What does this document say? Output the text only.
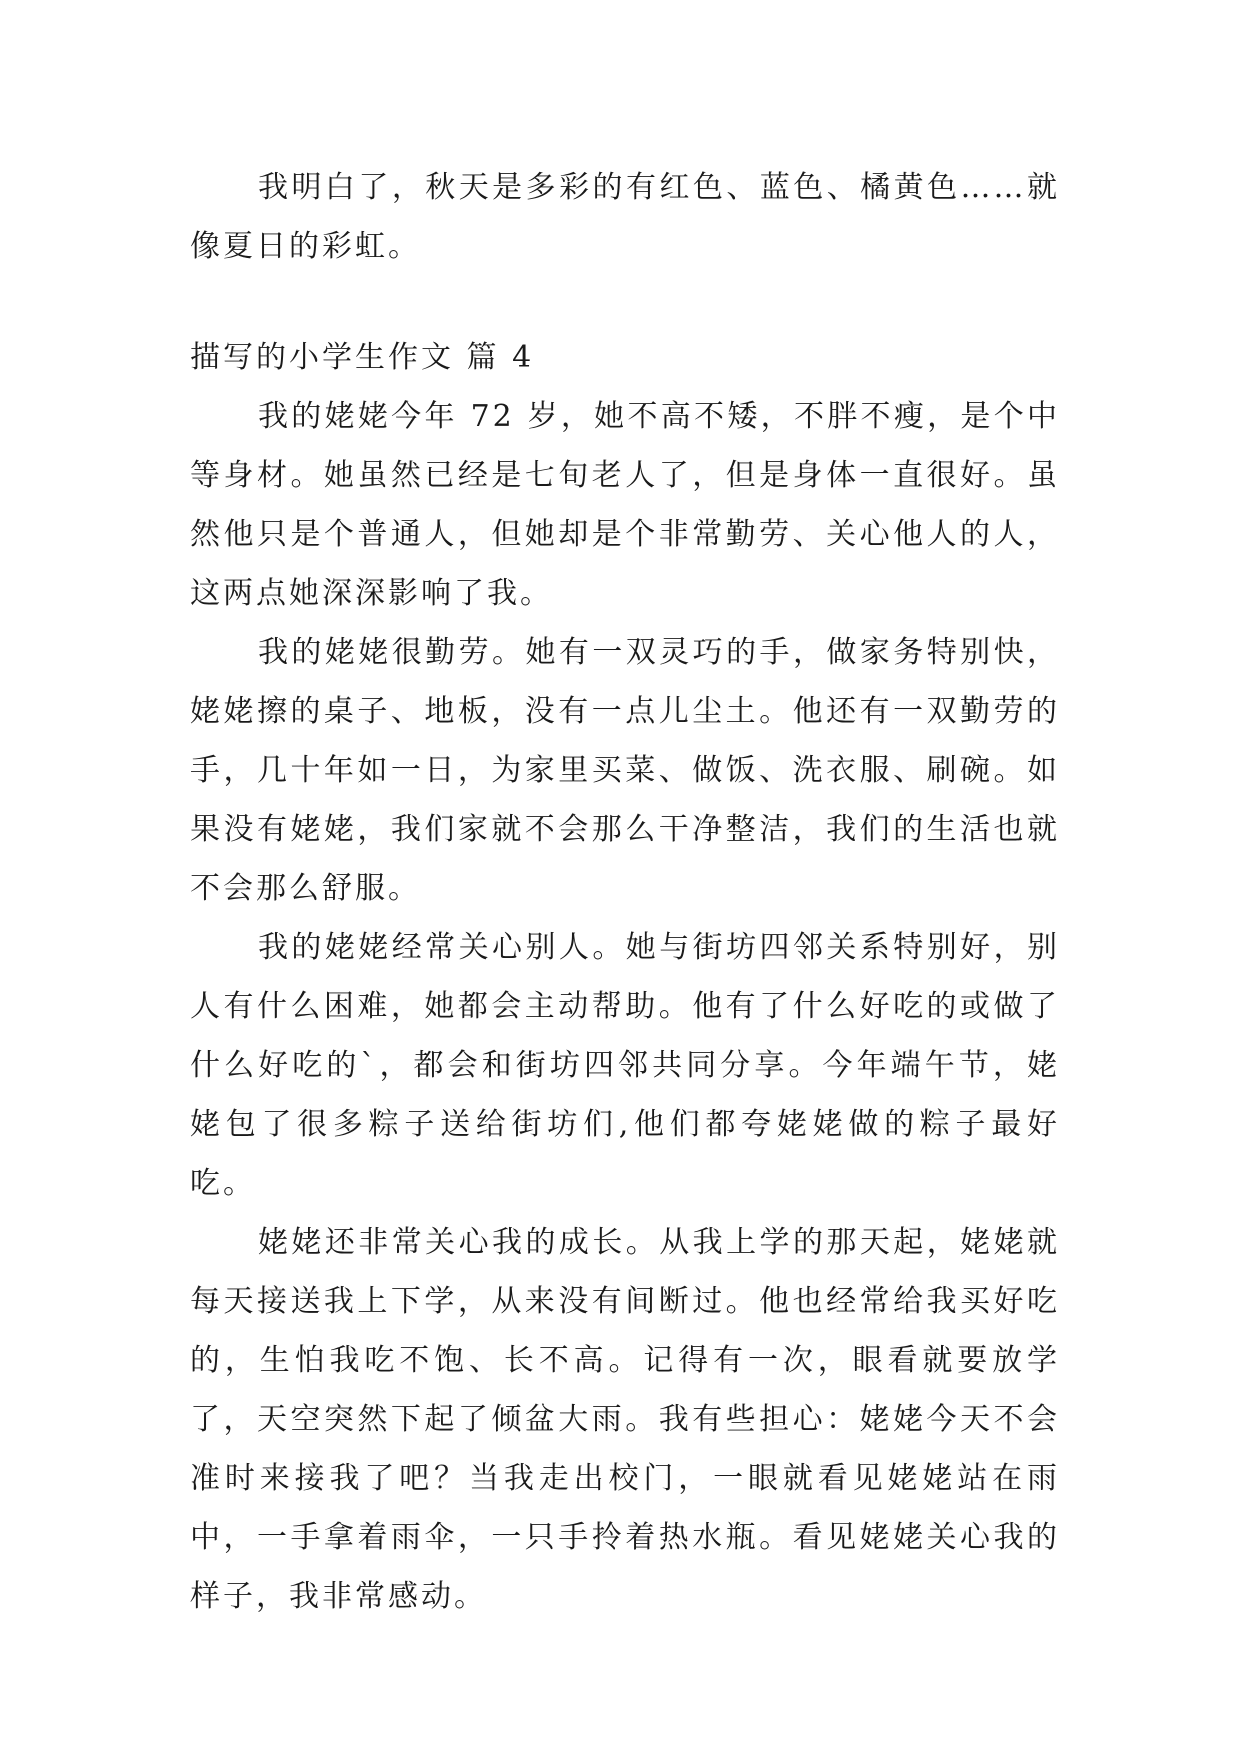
我明白了，秋天是多彩的有红色、蓝色、橘黄色……就像夏日的彩虹。

描写的小学生作文 篇 4

我的姥姥今年 72 岁，她不高不矮，不胖不瘦，是个中等身材。她虽然已经是七旬老人了，但是身体一直很好。虽然他只是个普通人，但她却是个非常勤劳、关心他人的人，这两点她深深影响了我。

我的姥姥很勤劳。她有一双灵巧的手，做家务特别快，姥姥擦的桌子、地板，没有一点儿尘土。他还有一双勤劳的手，几十年如一日，为家里买菜、做饭、洗衣服、刷碗。如果没有姥姥，我们家就不会那么干净整洁，我们的生活也就不会那么舒服。

我的姥姥经常关心别人。她与街坊四邻关系特别好，别人有什么困难，她都会主动帮助。他有了什么好吃的或做了什么好吃的`，都会和街坊四邻共同分享。今年端午节，姥姥包了很多粽子送给街坊们,他们都夸姥姥做的粽子最好吃。

姥姥还非常关心我的成长。从我上学的那天起，姥姥就每天接送我上下学，从来没有间断过。他也经常给我买好吃的，生怕我吃不饱、长不高。记得有一次，眼看就要放学了，天空突然下起了倾盆大雨。我有些担心：姥姥今天不会准时来接我了吧？当我走出校门，一眼就看见姥姥站在雨中，一手拿着雨伞，一只手拎着热水瓶。看见姥姥关心我的样子，我非常感动。
